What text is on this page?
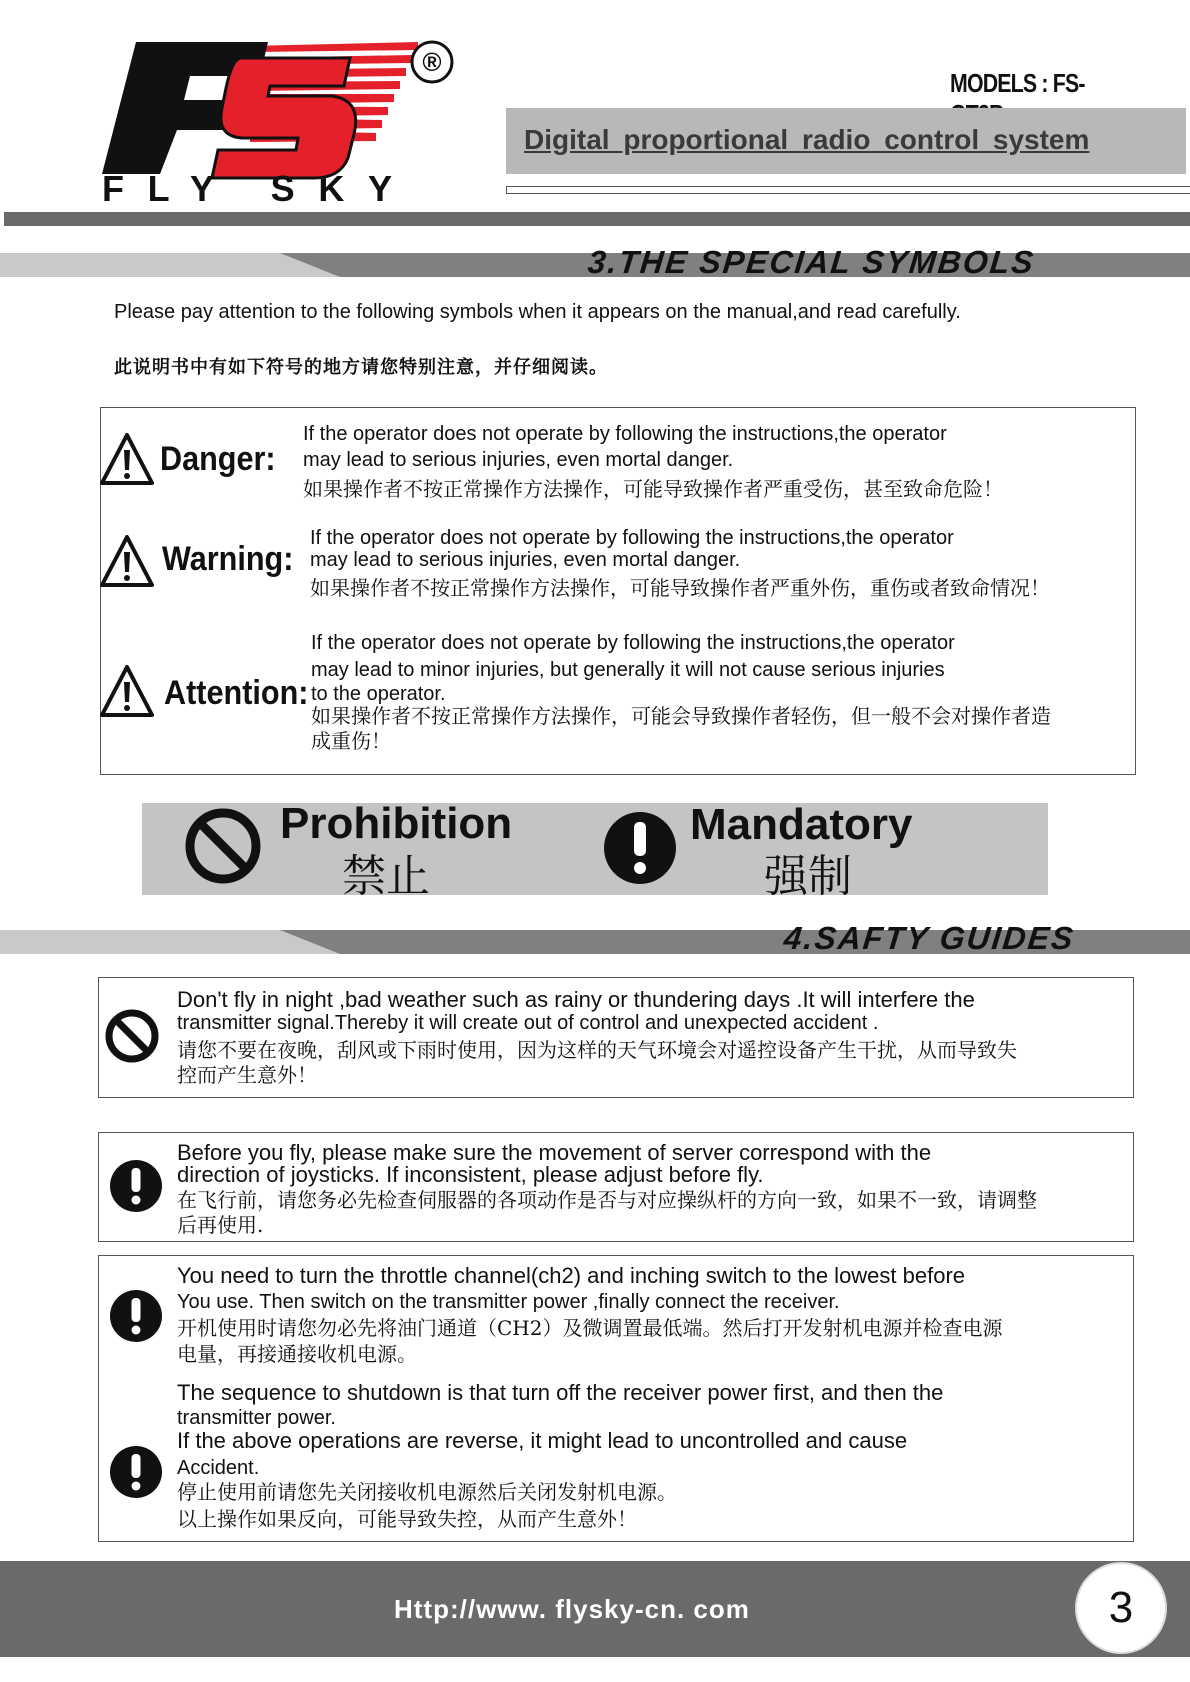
®
FLY SKY
MODELS : FS-
Digital proportional radio control system
3.THE SPECIAL SYMBOLS
Please pay attention to the following symbols when it appears on the manual,and read carefully.
此说明书中有如下符号的地方请您特别注意，并仔细阅读。
Danger:
If the operator does not operate by following the instructions,the operator
may lead to serious injuries, even mortal danger.
如果操作者不按正常操作方法操作，可能导致操作者严重受伤，甚至致命危险！
Warning:
If the operator does not operate by following the instructions,the operator
may lead to serious injuries, even mortal danger.
如果操作者不按正常操作方法操作，可能导致操作者严重外伤，重伤或者致命情况！
Attention:
If the operator does not operate by following the instructions,the operator
may lead to minor injuries, but generally it will not cause serious injuries
to the operator.
如果操作者不按正常操作方法操作，可能会导致操作者轻伤，但一般不会对操作者造
成重伤！
Prohibition
禁止
Mandatory
强制
4.SAFTY GUIDES
Don't fly in night ,bad weather such as rainy or thundering days .It will interfere the
transmitter signal.Thereby it will create out of control and unexpected accident .
请您不要在夜晚，刮风或下雨时使用，因为这样的天气环境会对遥控设备产生干扰，从而导致失
控而产生意外！
Before you fly, please make sure the movement of server correspond with the
direction of joysticks. If inconsistent, please adjust before fly.
在飞行前，请您务必先检查伺服器的各项动作是否与对应操纵杆的方向一致，如果不一致，请调整
后再使用.
You need to turn the throttle channel(ch2) and inching switch to the lowest before
You use. Then switch on the transmitter power ,finally connect the receiver.
开机使用时请您勿必先将油门通道（CH2）及微调置最低端。然后打开发射机电源并检查电源
电量，再接通接收机电源。
The sequence to shutdown is that turn off the receiver power first, and then the
transmitter power.
If the above operations are reverse, it might lead to uncontrolled and cause
Accident.
停止使用前请您先关闭接收机电源然后关闭发射机电源。
以上操作如果反向，可能导致失控，从而产生意外！
Http://www. flysky-cn. com	3
